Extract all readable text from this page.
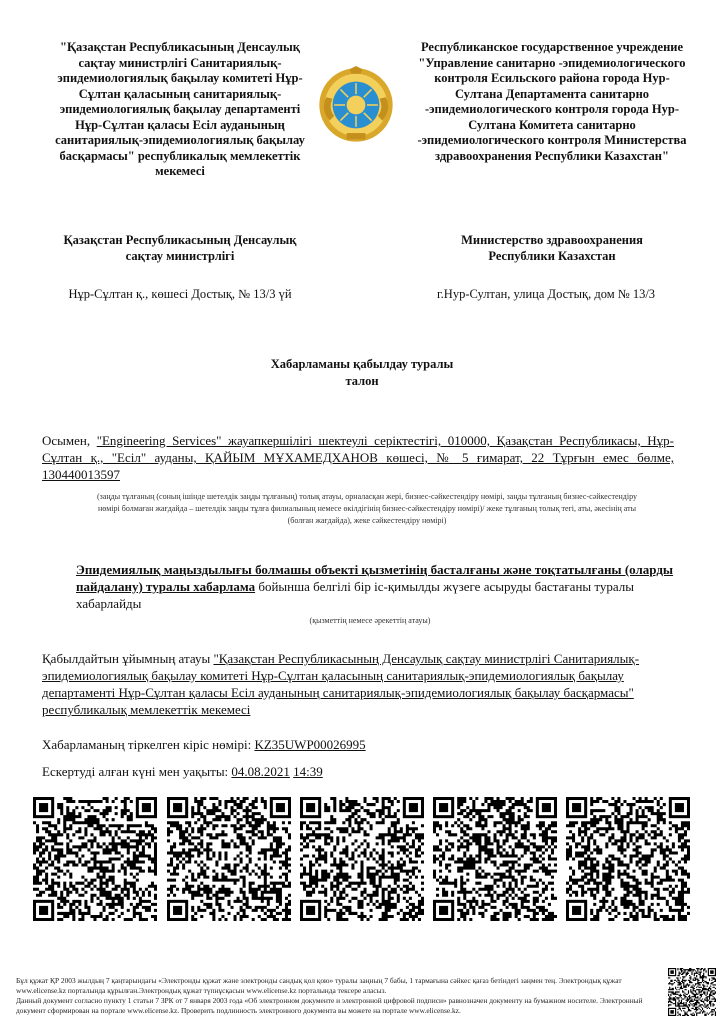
"Қазақстан Республикасының Денсаулық сақтау министрлігі Санитариялық- эпидемиологиялық бақылау комитеті Нұр-Сұлтан қаласының санитариялық-эпидемиологиялық бақылау департаменті Нұр-Сұлтан қаласы Есіл ауданының санитариялық-эпидемиологиялық бақылау басқармасы" республикалық мемлекеттік мекемесі
Республиканское государственное учреждение "Управление санитарно -эпидемиологического контроля Есильского района города Нур-Султана Департамента санитарно -эпидемиологического контроля города Нур-Султана Комитета санитарно -эпидемиологического контроля Министерства здравоохранения Республики Казахстан"
Қазақстан Республикасының Денсаулық сақтау министрлігі
Министерство здравоохранения Республики Казахстан
Нұр-Сұлтан қ., көшесі Достық, № 13/3 үй	г.Нур-Султан, улица Достық, дом № 13/3
Хабарламаны қабылдау туралы
талон
Осымен, "Engineering Services" жауапкершілігі шектеулі серіктестігі, 010000, Қазақстан Республикасы, Нұр-Сұлтан қ., "Есіл" ауданы, ҚАЙЫМ МҰХАМЕДХАНОВ көшесі, № 5 ғимарат, 22 Тұрғын емес бөлме, 130440013597
(заңды тұлғаның (соның ішінде шетелдік заңды тұлғаның) толық атауы, орналасқан жері, бизнес-сәйкестендіру нөмірі, заңды тұлғаның бизнес-сәйкестендіру нөмірі болмаған жағдайда – шетелдік заңды тұлға филиалының немесе өкілдігінің бизнес-сәйкестендіру нөмірі)/ жеке тұлғаның толық тегі, аты, әкесінің аты (болған жағдайда), жеке сәйкестендіру нөмірі)
Эпидемиялық маңыздылығы болмашы объекті қызметінің басталғаны және тоқтатылғаны (оларды пайдалану) туралы хабарлама бойынша белгілі бір іс-қимылды жүзеге асыруды бастағаны туралы хабарлайды
(қызметтің немесе әрекеттің атауы)
Қабылдайтын ұйымның атауы "Қазақстан Республикасының Денсаулық сақтау министрлігі Санитариялық- эпидемиологиялық бақылау комитеті Нұр-Сұлтан қаласының санитариялық-эпидемиологиялық бақылау департаменті Нұр-Сұлтан қаласы Есіл ауданының санитариялық-эпидемиологиялық бақылау басқармасы" республикалық мемлекеттік мекемесі
Хабарламаның тіркелген кіріс нөмірі: KZ35UWP00026995
Ескертуді алған күні мен уақыты: 04.08.2021 14:39
Бұл құжат ҚР 2003 жылдың 7 қаңтарындағы «Электронды құжат және электронды сандық қол қою» туралы заңның 7 бабы, 1 тармағына сәйкес қағаз бетіндегі заңмен тең. Электрондық құжат www.elicense.kz порталында құрылған.Электрондық құжат түпнұсқасын www.elicense.kz порталында тексере аласыз.
Данный документ согласно пункту 1 статьи 7 ЗРК от 7 января 2003 года «Об электронном документе и электронной цифровой подписи» равнозначен документу на бумажном носителе. Электронный документ сформирован на портале www.elicense.kz. Проверить подлинность электронного документа вы можете на портале www.elicense.kz.
